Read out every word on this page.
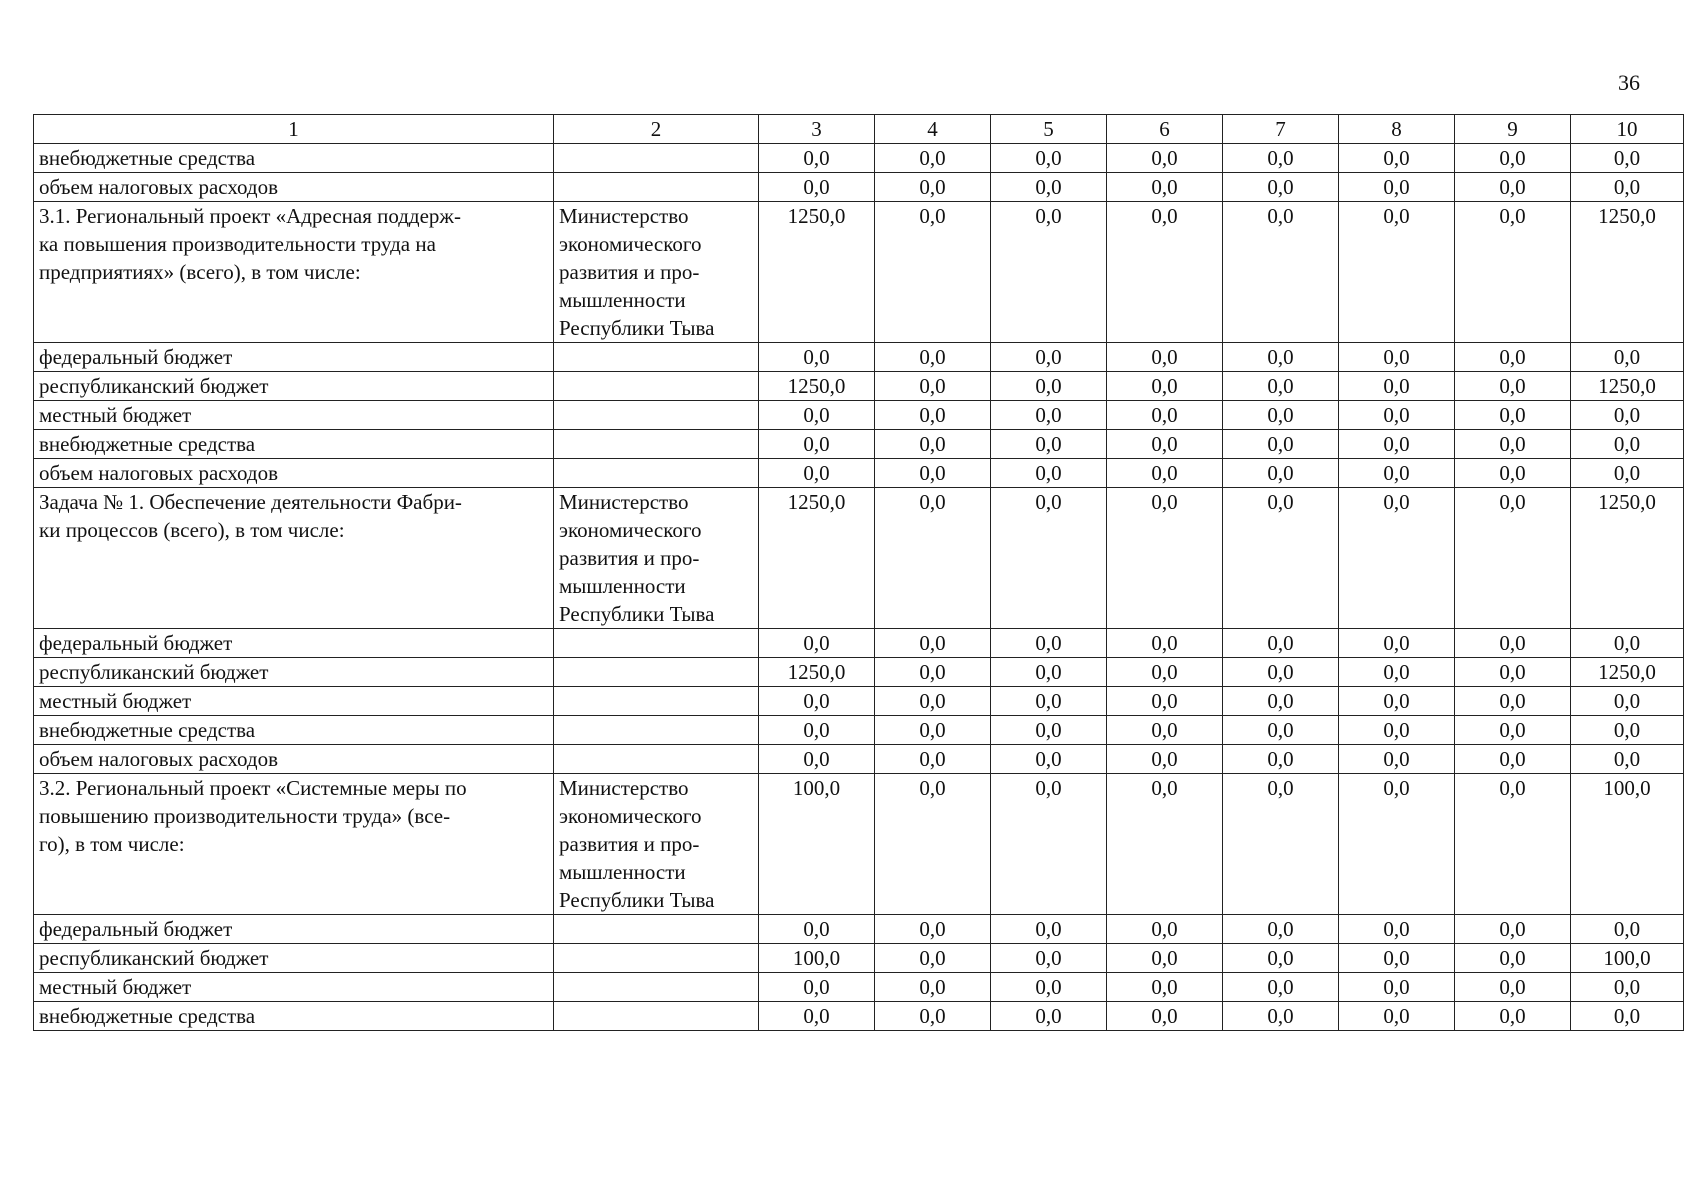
36
1	2	3	4	5	6	7	8	9	10

внебюджетные средства		0,0	0,0	0,0	0,0	0,0	0,0	0,0	0,0

объем налоговых расходов		0,0	0,0	0,0	0,0	0,0	0,0	0,0	0,0

3.1. Региональный проект «Адресная поддерж-
ка повышения производительности труда на
предприятиях» (всего), в том числе:	Министерство
экономического
развития и про-
мышленности
Республики Тыва	1250,0	0,0	0,0	0,0	0,0	0,0	0,0	1250,0

федеральный бюджет		0,0	0,0	0,0	0,0	0,0	0,0	0,0	0,0

республиканский бюджет		1250,0	0,0	0,0	0,0	0,0	0,0	0,0	1250,0

местный бюджет		0,0	0,0	0,0	0,0	0,0	0,0	0,0	0,0

внебюджетные средства		0,0	0,0	0,0	0,0	0,0	0,0	0,0	0,0

объем налоговых расходов		0,0	0,0	0,0	0,0	0,0	0,0	0,0	0,0

Задача № 1. Обеспечение деятельности Фабри-
ки процессов (всего), в том числе:	Министерство
экономического
развития и про-
мышленности
Республики Тыва	1250,0	0,0	0,0	0,0	0,0	0,0	0,0	1250,0

федеральный бюджет		0,0	0,0	0,0	0,0	0,0	0,0	0,0	0,0

республиканский бюджет		1250,0	0,0	0,0	0,0	0,0	0,0	0,0	1250,0

местный бюджет		0,0	0,0	0,0	0,0	0,0	0,0	0,0	0,0

внебюджетные средства		0,0	0,0	0,0	0,0	0,0	0,0	0,0	0,0

объем налоговых расходов		0,0	0,0	0,0	0,0	0,0	0,0	0,0	0,0

3.2. Региональный проект «Системные меры по
повышению производительности труда» (все-
го), в том числе:	Министерство
экономического
развития и про-
мышленности
Республики Тыва	100,0	0,0	0,0	0,0	0,0	0,0	0,0	100,0

федеральный бюджет		0,0	0,0	0,0	0,0	0,0	0,0	0,0	0,0

республиканский бюджет		100,0	0,0	0,0	0,0	0,0	0,0	0,0	100,0

местный бюджет		0,0	0,0	0,0	0,0	0,0	0,0	0,0	0,0

внебюджетные средства		0,0	0,0	0,0	0,0	0,0	0,0	0,0	0,0
